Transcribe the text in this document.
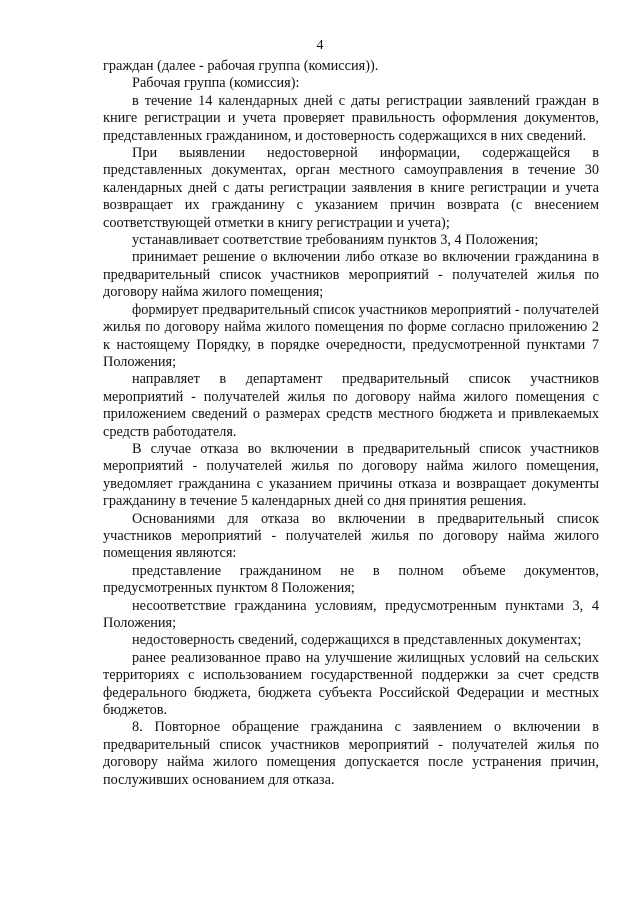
4

граждан (далее - рабочая группа (комиссия)).

Рабочая группа (комиссия):

в течение 14 календарных дней с даты регистрации заявлений граждан в книге регистрации и учета проверяет правильность оформления документов, представленных гражданином, и достоверность содержащихся в них сведений.

При выявлении недостоверной информации, содержащейся в представленных документах, орган местного самоуправления в течение 30 календарных дней с даты регистрации заявления в книге регистрации и учета возвращает их гражданину с указанием причин возврата (с внесением соответствующей отметки в книгу регистрации и учета);

устанавливает соответствие требованиям пунктов 3, 4 Положения;

принимает решение о включении либо отказе во включении гражданина в предварительный список участников мероприятий - получателей жилья по договору найма жилого помещения;

формирует предварительный список участников мероприятий - получателей жилья по договору найма жилого помещения по форме согласно приложению 2 к настоящему Порядку, в порядке очередности, предусмотренной пунктами 7 Положения;

направляет в департамент предварительный список участников мероприятий - получателей жилья по договору найма жилого помещения с приложением сведений о размерах средств местного бюджета и привлекаемых средств работодателя.

В случае отказа во включении в предварительный список участников мероприятий - получателей жилья по договору найма жилого помещения, уведомляет гражданина с указанием причины отказа и возвращает документы гражданину в течение 5 календарных дней со дня принятия решения.

Основаниями для отказа во включении в предварительный список участников мероприятий - получателей жилья по договору найма жилого помещения являются:

представление гражданином не в полном объеме документов, предусмотренных пунктом 8 Положения;

несоответствие гражданина условиям, предусмотренным пунктами 3, 4 Положения;

недостоверность сведений, содержащихся в представленных документах;

ранее реализованное право на улучшение жилищных условий на сельских территориях с использованием государственной поддержки за счет средств федерального бюджета, бюджета субъекта Российской Федерации и местных бюджетов.

8. Повторное обращение гражданина с заявлением о включении в предварительный список участников мероприятий - получателей жилья по договору найма жилого помещения допускается после устранения причин, послуживших основанием для отказа.
